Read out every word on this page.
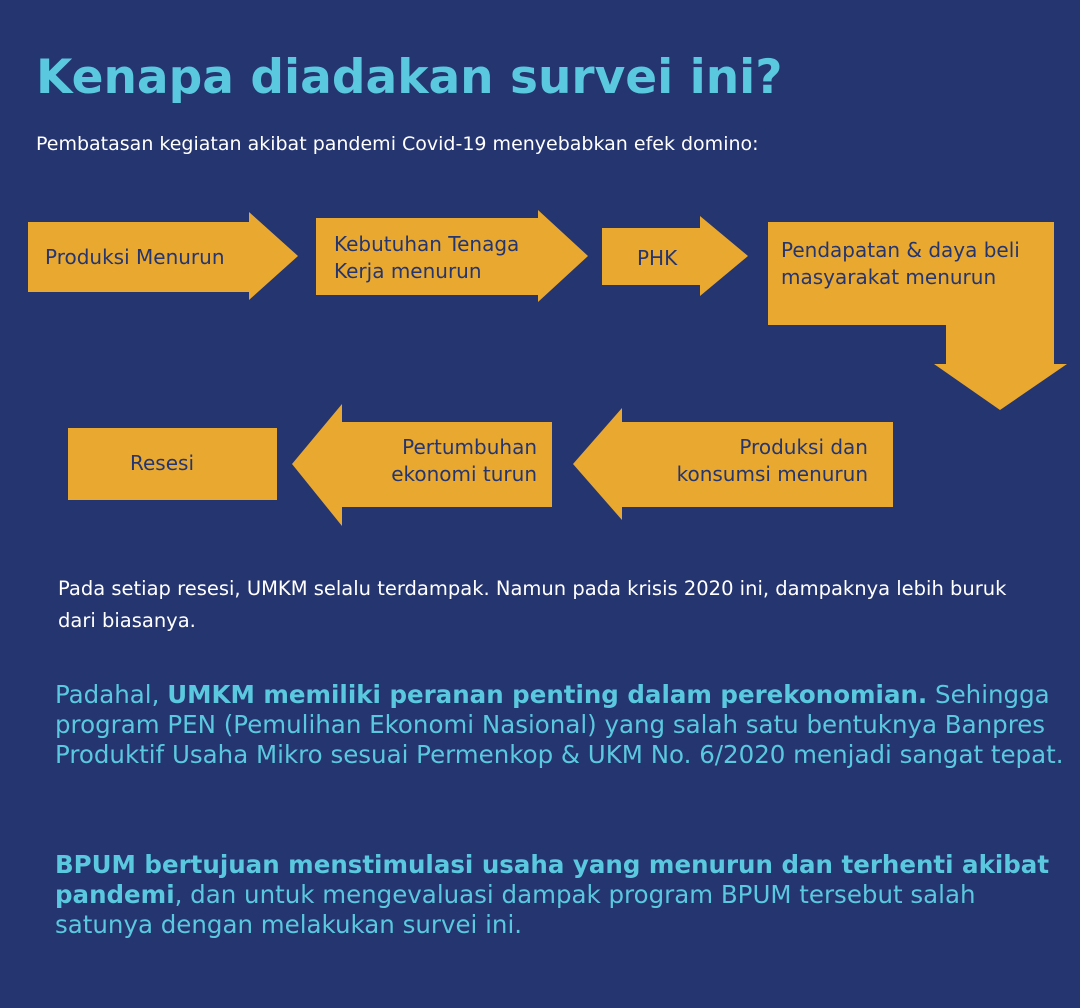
Kenapa diadakan survei ini?
Pembatasan kegiatan akibat pandemi Covid-19 menyebabkan efek domino:
Produksi Menurun
Kebutuhan Tenaga
Kerja menurun
PHK	Pendapatan & daya beli
masyarakat menurun
Produksi dan
konsumsi menurun
Pertumbuhan
ekonomi turun
Resesi
Pada setiap resesi, UMKM selalu terdampak. Namun pada krisis 2020 ini, dampaknya lebih buruk dari biasanya.
Padahal, UMKM memiliki peranan penting dalam perekonomian. Sehingga program PEN (Pemulihan Ekonomi Nasional) yang salah satu bentuknya Banpres Produktif Usaha Mikro sesuai Permenkop & UKM No. 6/2020 menjadi sangat tepat.
BPUM bertujuan menstimulasi usaha yang menurun dan terhenti akibat pandemi, dan untuk mengevaluasi dampak program BPUM tersebut salah satunya dengan melakukan survei ini.
